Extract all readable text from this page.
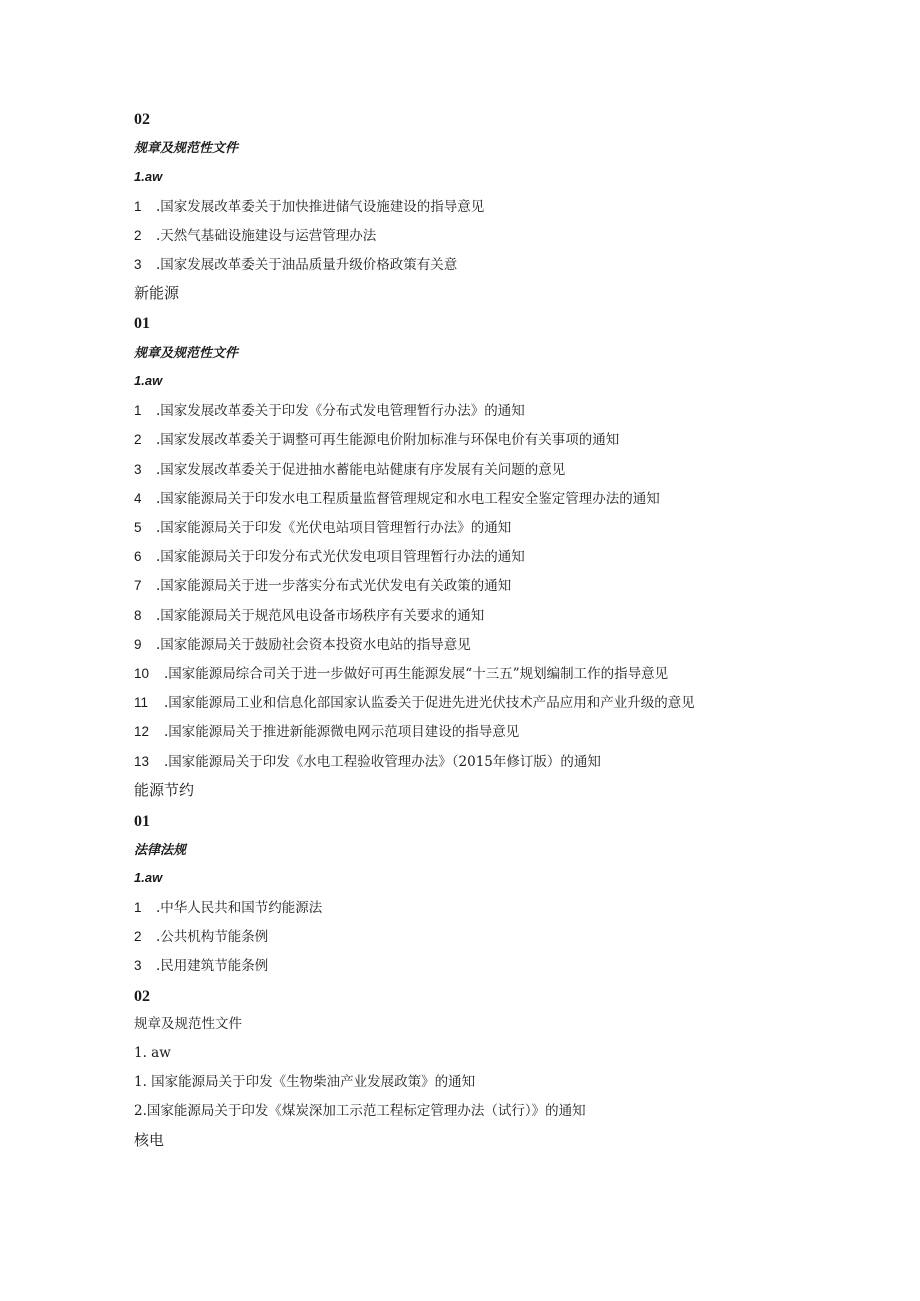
02
规章及规范性文件
1.aw
1 .国家发展改革委关于加快推进储气设施建设的指导意见
2 .天然气基础设施建设与运营管理办法
3 .国家发展改革委关于油品质量升级价格政策有关意
新能源
01
规章及规范性文件
1.aw
1 .国家发展改革委关于印发《分布式发电管理暂行办法》的通知
2 .国家发展改革委关于调整可再生能源电价附加标准与环保电价有关事项的通知
3 .国家发展改革委关于促进抽水蓄能电站健康有序发展有关问题的意见
4 .国家能源局关于印发水电工程质量监督管理规定和水电工程安全鉴定管理办法的通知
5 .国家能源局关于印发《光伏电站项目管理暂行办法》的通知
6 .国家能源局关于印发分布式光伏发电项目管理暂行办法的通知
7 .国家能源局关于进一步落实分布式光伏发电有关政策的通知
8 .国家能源局关于规范风电设备市场秩序有关要求的通知
9 .国家能源局关于鼓励社会资本投资水电站的指导意见
10 .国家能源局综合司关于进一步做好可再生能源发展“十三五”规划编制工作的指导意见
11 .国家能源局工业和信息化部国家认监委关于促进先进光伏技术产品应用和产业升级的意见
12 .国家能源局关于推进新能源微电网示范项目建设的指导意见
13 .国家能源局关于印发《水电工程验收管理办法》（2015年修订版）的通知
能源节约
01
法律法规
1.aw
1 .中华人民共和国节约能源法
2 .公共机构节能条例
3 .民用建筑节能条例
02
规章及规范性文件
1. aw
1. 国家能源局关于印发《生物柴油产业发展政策》的通知
2.国家能源局关于印发《煤炭深加工示范工程标定管理办法（试行）》的通知
核电
